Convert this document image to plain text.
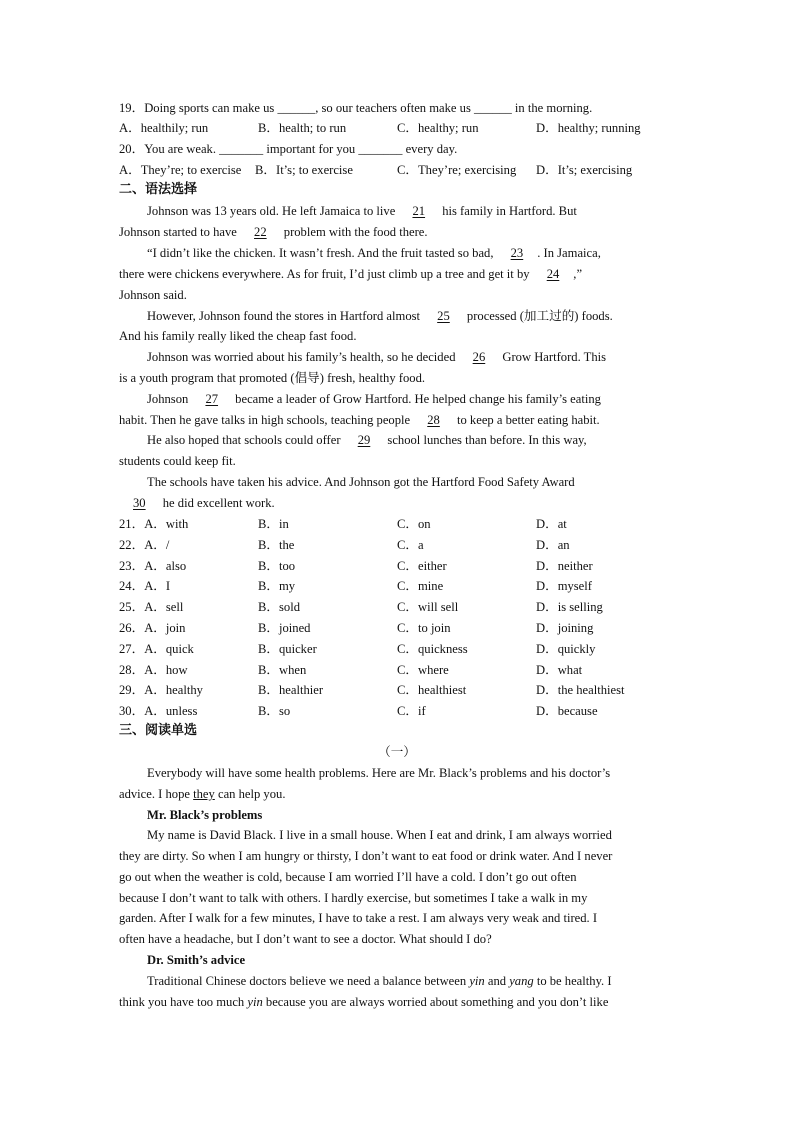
19．Doing sports can make us ______, so our teachers often make us ______ in the morning.
A．healthily; run	B．health; to run	C．healthy; run	D．healthy; running
20．You are weak. _______ important for you _______ every day.
A．They’re; to exercise B．It’s; to exercise	C．They’re; exercising D．It’s; exercising
二、语法选择
Johnson was 13 years old. He left Jamaica to live 21 his family in Hartford. But
Johnson started to have 22 problem with the food there.
“I didn’t like the chicken. It wasn’t fresh. And the fruit tasted so bad, 23 . In Jamaica,
there were chickens everywhere. As for fruit, I’d just climb up a tree and get it by 24 ,”
Johnson said.
However, Johnson found the stores in Hartford almost 25 processed (加工过的) foods.
And his family really liked the cheap fast food.
Johnson was worried about his family’s health, so he decided 26 Grow Hartford. This
is a youth program that promoted (倡导) fresh, healthy food.
Johnson 27 became a leader of Grow Hartford. He helped change his family’s eating
habit. Then he gave talks in high schools, teaching people 28 to keep a better eating habit.
He also hoped that schools could offer 29 school lunches than before. In this way,
students could keep fit.
The schools have taken his advice. And Johnson got the Hartford Food Safety Award
30 he did excellent work.
21．A．with	B．in	C．on	D．at
22．A．/	B．the	C．a	D．an
23．A．also	B．too	C．either	D．neither
24．A．I	B．my	C．mine	D．myself
25．A．sell	B．sold	C．will sell	D．is selling
26．A．join	B．joined	C．to join	D．joining
27．A．quick	B．quicker	C．quickness	D．quickly
28．A．how	B．when	C．where	D．what
29．A．healthy	B．healthier	C．healthiest	D．the healthiest
30．A．unless	B．so	C．if	D．because
三、阅读单选
（一）
Everybody will have some health problems. Here are Mr. Black’s problems and his doctor’s
advice. I hope they can help you.
Mr. Black’s problems
My name is David Black. I live in a small house. When I eat and drink, I am always worried
they are dirty. So when I am hungry or thirsty, I don’t want to eat food or drink water. And I never
go out when the weather is cold, because I am worried I’ll have a cold. I don’t go out often
because I don’t want to talk with others. I hardly exercise, but sometimes I take a walk in my
garden. After I walk for a few minutes, I have to take a rest. I am always very weak and tired. I
often have a headache, but I don’t want to see a doctor. What should I do?
Dr. Smith’s advice
Traditional Chinese doctors believe we need a balance between yin and yang to be healthy. I
think you have too much yin because you are always worried about something and you don’t like
